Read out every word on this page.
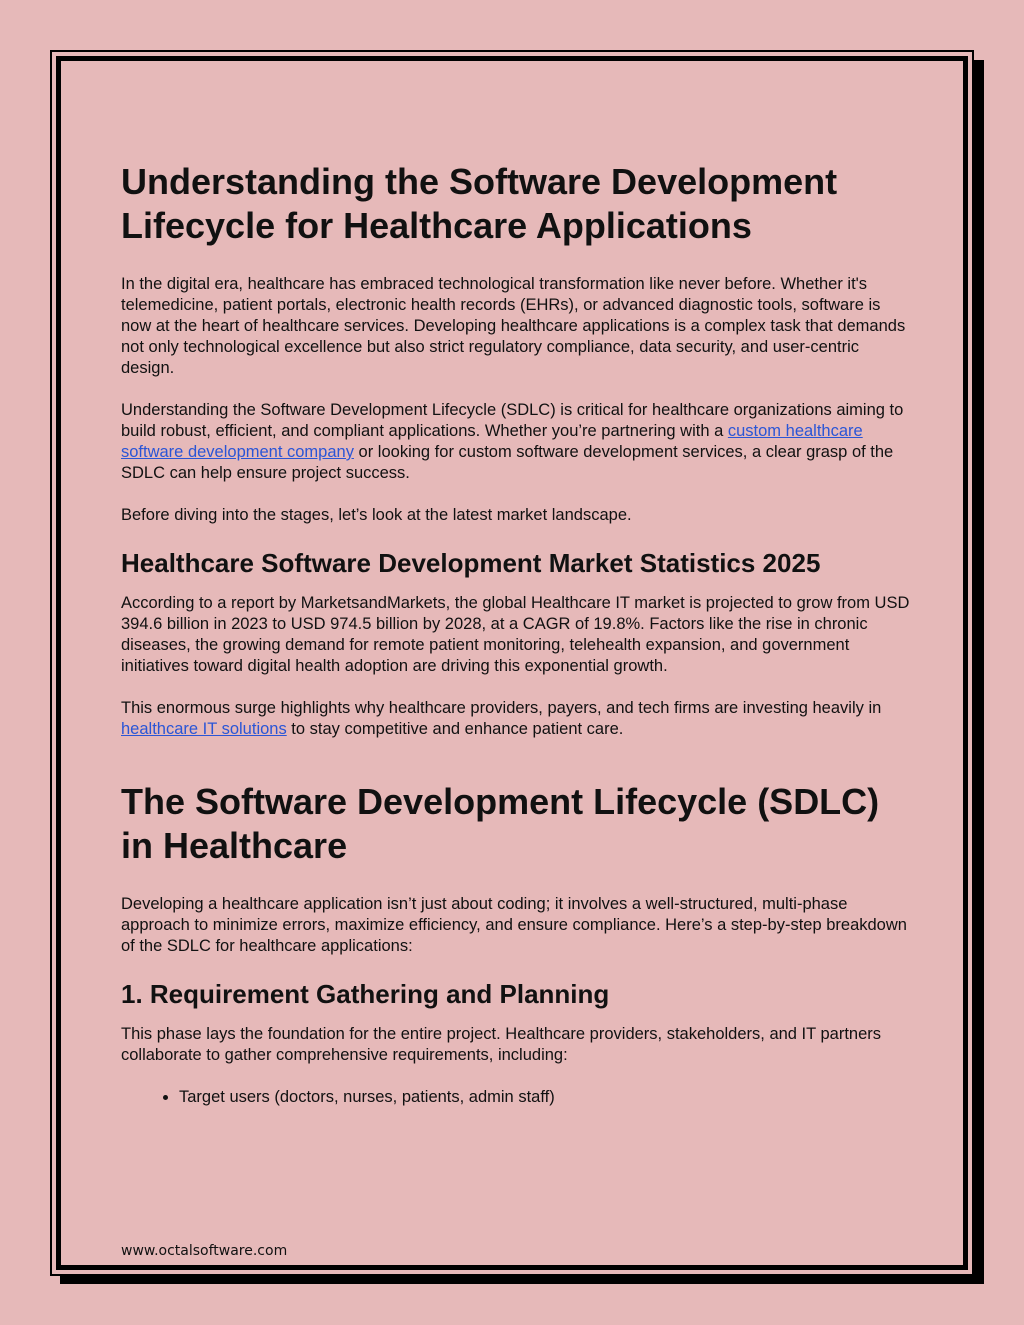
Understanding the Software Development Lifecycle for Healthcare Applications

In the digital era, healthcare has embraced technological transformation like never before. Whether it's telemedicine, patient portals, electronic health records (EHRs), or advanced diagnostic tools, software is now at the heart of healthcare services. Developing healthcare applications is a complex task that demands not only technological excellence but also strict regulatory compliance, data security, and user-centric design.

Understanding the Software Development Lifecycle (SDLC) is critical for healthcare organizations aiming to build robust, efficient, and compliant applications. Whether you’re partnering with a custom healthcare software development company or looking for custom software development services, a clear grasp of the SDLC can help ensure project success.

Before diving into the stages, let’s look at the latest market landscape.

Healthcare Software Development Market Statistics 2025

According to a report by MarketsandMarkets, the global Healthcare IT market is projected to grow from USD 394.6 billion in 2023 to USD 974.5 billion by 2028, at a CAGR of 19.8%. Factors like the rise in chronic diseases, the growing demand for remote patient monitoring, telehealth expansion, and government initiatives toward digital health adoption are driving this exponential growth.

This enormous surge highlights why healthcare providers, payers, and tech firms are investing heavily in healthcare IT solutions to stay competitive and enhance patient care.

The Software Development Lifecycle (SDLC) in Healthcare

Developing a healthcare application isn’t just about coding; it involves a well-structured, multi-phase approach to minimize errors, maximize efficiency, and ensure compliance. Here’s a step-by-step breakdown of the SDLC for healthcare applications:

1. Requirement Gathering and Planning

This phase lays the foundation for the entire project. Healthcare providers, stakeholders, and IT partners collaborate to gather comprehensive requirements, including:

• Target users (doctors, nurses, patients, admin staff)
www.octalsoftware.com
